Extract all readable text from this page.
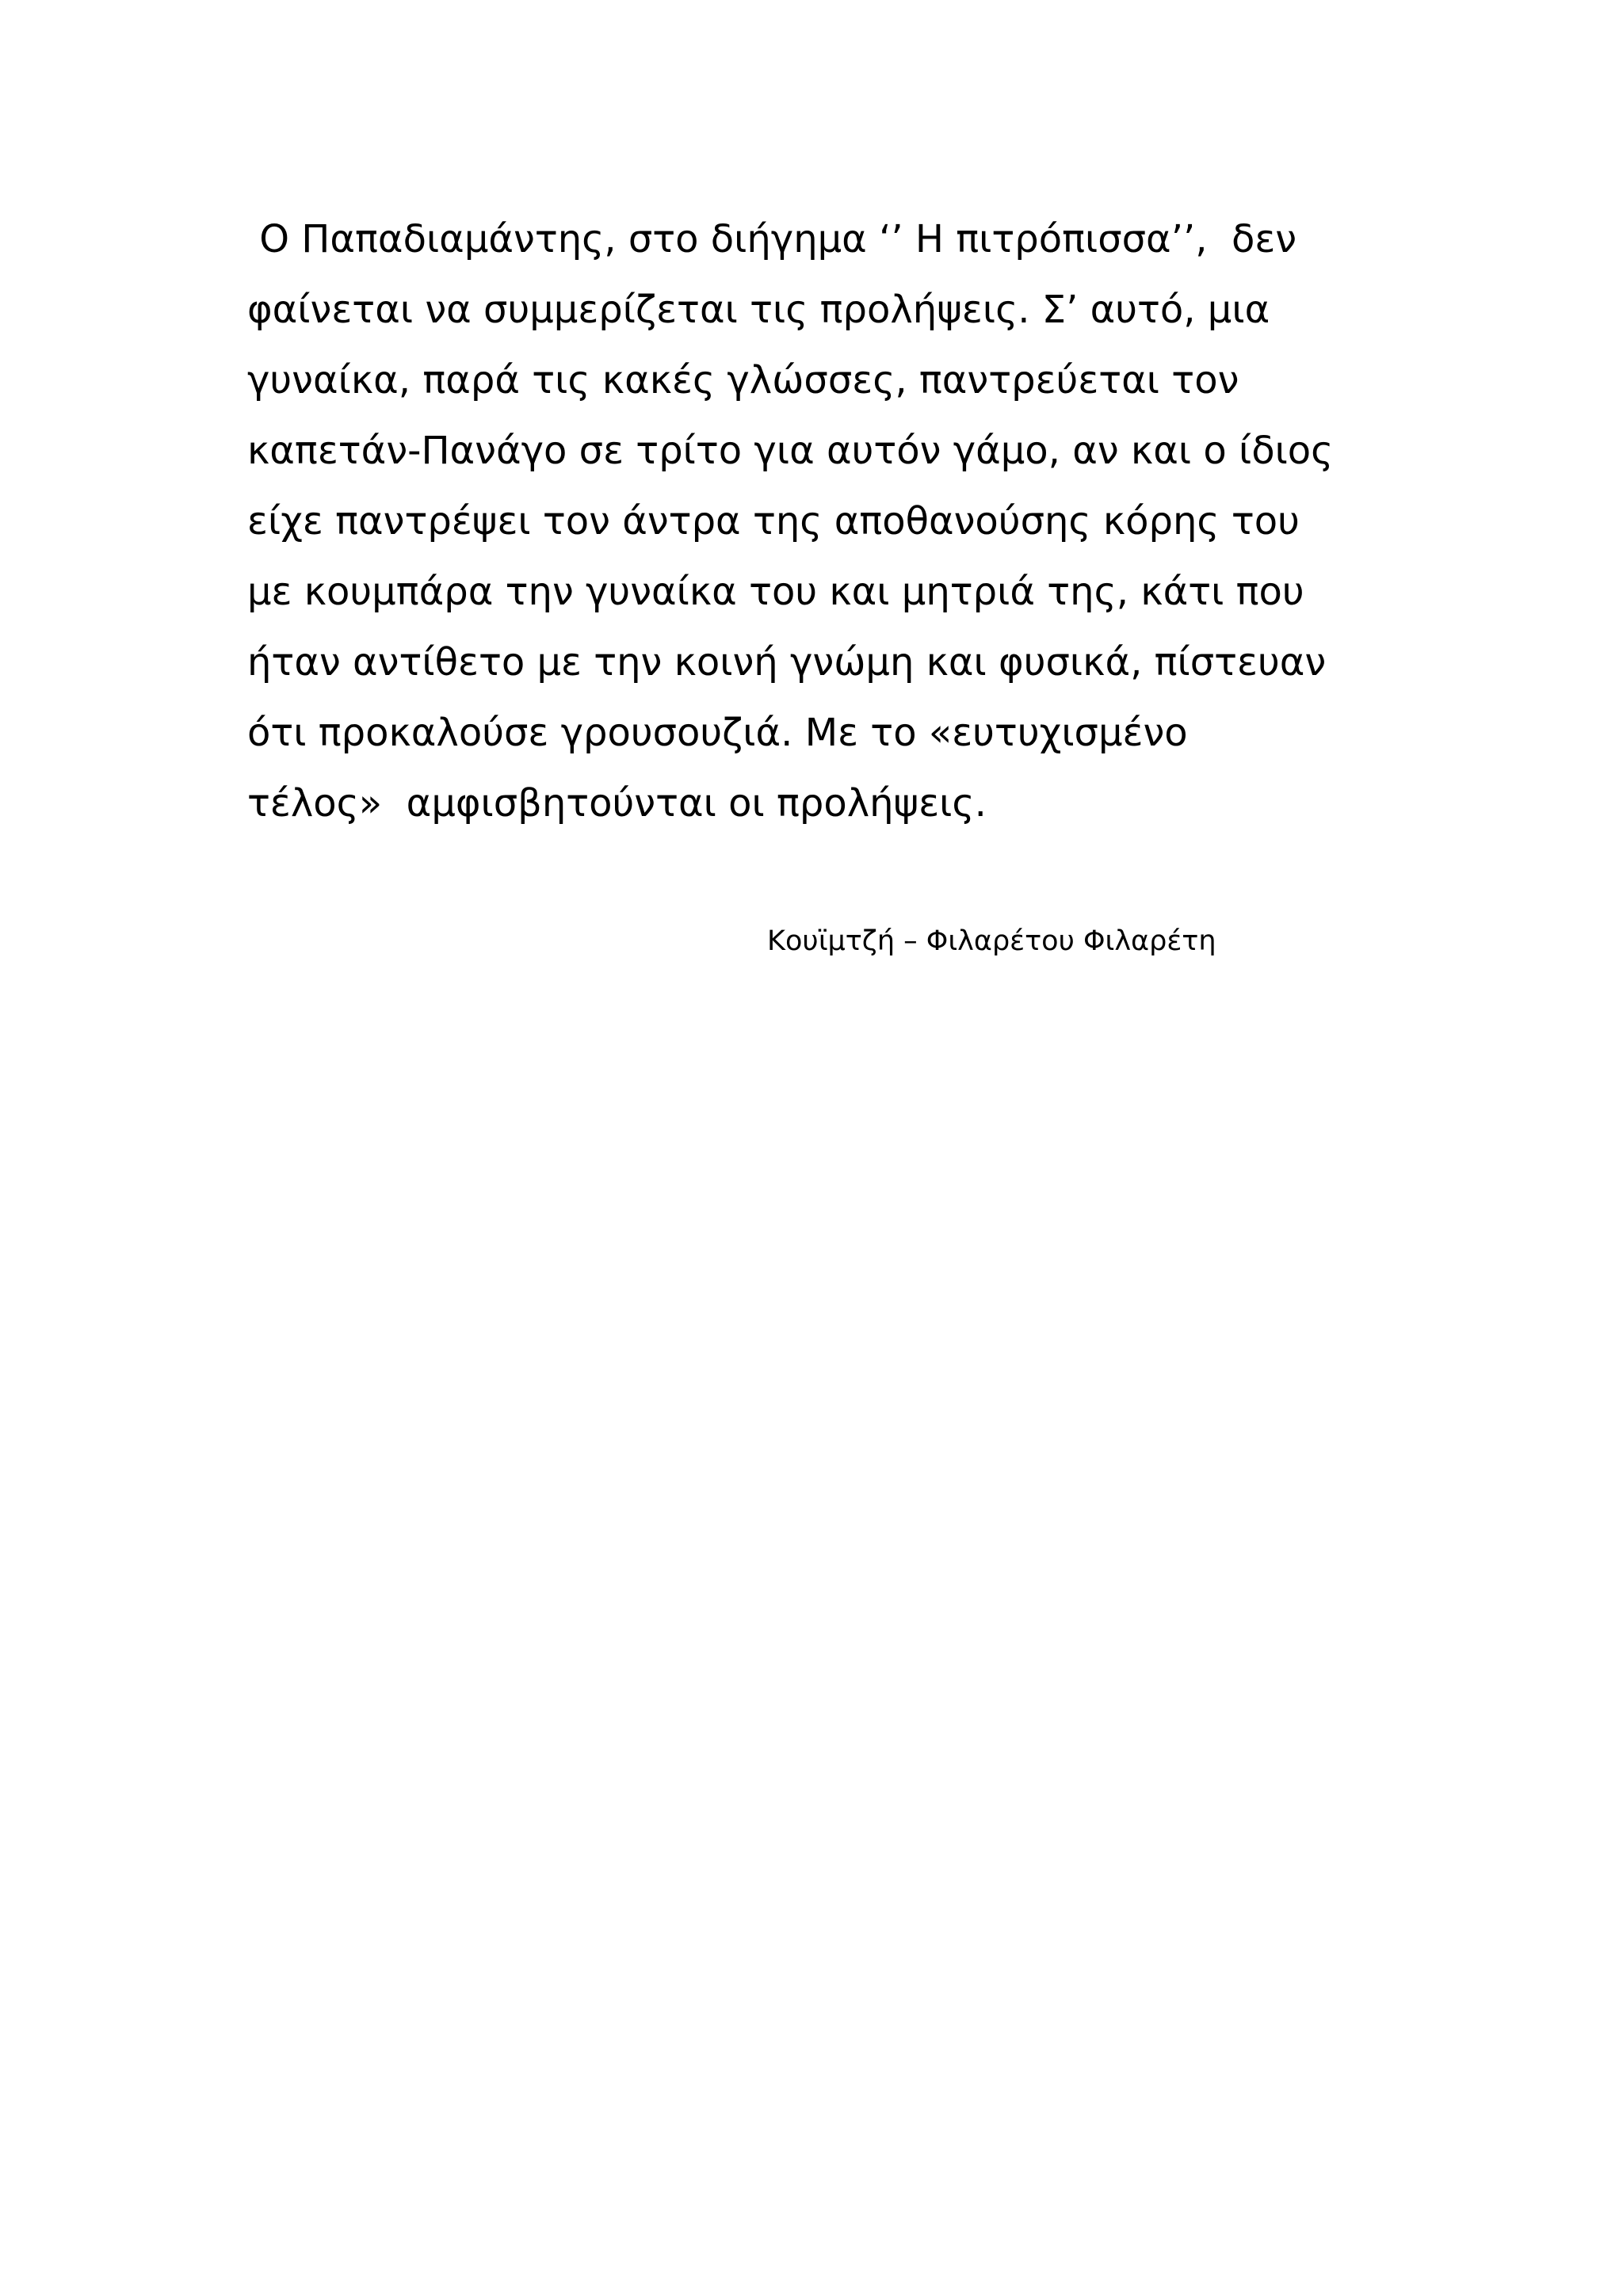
Ο Παπαδιαμάντης, στο διήγημα ‘’ Η πιτρόπισσα’’,  δεν
φαίνεται να συμμερίζεται τις προλήψεις. Σ’ αυτό, μια
γυναίκα, παρά τις κακές γλώσσες, παντρεύεται τον
καπετάν-Πανάγο σε τρίτο για αυτόν γάμο, αν και ο ίδιος
είχε παντρέψει τον άντρα της αποθανούσης κόρης του
με κουμπάρα την γυναίκα του και μητριά της, κάτι που
ήταν αντίθετο με την κοινή γνώμη και φυσικά, πίστευαν
ότι προκαλούσε γρουσουζιά. Με το «ευτυχισμένο
τέλος»  αμφισβητούνται οι προλήψεις.

Κουϊμτζή – Φιλαρέτου Φιλαρέτη
